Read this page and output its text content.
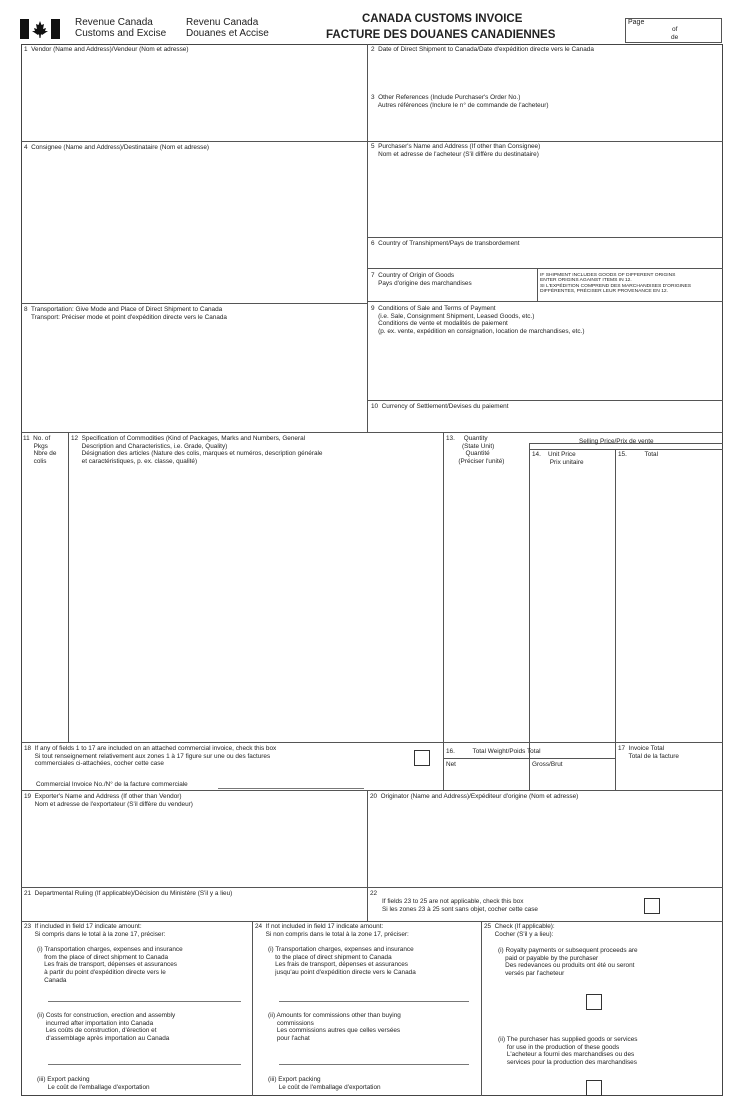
Revenue Canada
Customs and Excise
Revenu Canada
Douanes et Accise
CANADA CUSTOMS INVOICE
FACTURE DES DOUANES CANADIENNES
Page
of
de
1  Vendor (Name and Address)/Vendeur (Nom et adresse)	2  Date of Direct Shipment to Canada/Date d'expédition directe vers le Canada
3  Other References (Include Purchaser's Order No.)
Autres références (Inclure le n° de commande de l'acheteur)
4  Consignee (Name and Address)/Destinataire (Nom et adresse)	5  Purchaser's Name and Address (If other than Consignee)
Nom et adresse de l'acheteur (S'il diffère du destinataire)
6  Country of Transhipment/Pays de transbordement
7  Country of Origin of Goods
Pays d'origine des marchandises
IF SHIPMENT INCLUDES GOODS OF DIFFERENT ORIGINS
ENTER ORIGINS AGAINST ITEMS IN 12.
SI L'EXPÉDITION COMPREND DES MARCHANDISES D'ORIGINES
DIFFÉRENTES, PRÉCISER LEUR PROVENANCE EN 12.
8  Transportation: Give Mode and Place of Direct Shipment to Canada
Transport: Préciser mode et point d'expédition directe vers le Canada
9  Conditions of Sale and Terms of Payment
(i.e. Sale, Consignment Shipment, Leased Goods, etc.)
Conditions de vente et modalités de paiement
(p. ex. vente, expédition en consignation, location de marchandises, etc.)
10  Currency of Settlement/Devises du paiement
11  No. of
Pkgs
Nbre de
colis
12  Specification of Commodities (Kind of Packages, Marks and Numbers, General
Description and Characteristics, i.e. Grade, Quality)
Désignation des articles (Nature des colis, marques et numéros, description générale
et caractéristiques, p. ex. classe, qualité)
13.     Quantity
(State Unit)
Quantité
(Préciser l'unité)
Selling Price/Prix de vente
14.    Unit Price
Prix unitaire
15.          Total
18  If any of fields 1 to 17 are included on an attached commercial invoice, check this box
Si tout renseignement relativement aux zones 1 à 17 figure sur une ou des factures
commerciales ci-attachées, cocher cette case
Commercial Invoice No./N° de la facture commerciale
16.          Total Weight/Poids Total
Net	Gross/Brut
17  Invoice Total
Total de la facture
19  Exporter's Name and Address (If other than Vendor)
Nom et adresse de l'exportateur (S'il diffère du vendeur)
20  Originator (Name and Address)/Expéditeur d'origine (Nom et adresse)
21  Departmental Ruling (If applicable)/Décision du Ministère (S'il y a lieu)	22
If fields 23 to 25 are not applicable, check this box
Si les zones 23 à 25 sont sans objet, cocher cette case
23  If included in field 17 indicate amount:
Si compris dans le total à la zone 17, préciser:
(i) Transportation charges, expenses and insurance
from the place of direct shipment to Canada
Les frais de transport, dépenses et assurances
à partir du point d'expédition directe vers le
Canada
(ii) Costs for construction, erection and assembly
incurred after importation into Canada
Les coûts de construction, d'érection et
d'assemblage après importation au Canada
(iii) Export packing
Le coût de l'emballage d'exportation
24  If not included in field 17 indicate amount:
Si non compris dans le total à la zone 17, préciser:
(i) Transportation charges, expenses and insurance
to the place of direct shipment to Canada
Les frais de transport, dépenses et assurances
jusqu'au point d'expédition directe vers le Canada
(ii) Amounts for commissions other than buying
commissions
Les commissions autres que celles versées
pour l'achat
(iii) Export packing
Le coût de l'emballage d'exportation
25  Check (If applicable):
Cocher (S'il y a lieu):
(i) Royalty payments or subsequent proceeds are
paid or payable by the purchaser
Des redevances ou produits ont été ou seront
versés par l'acheteur
(ii) The purchaser has supplied goods or services
for use in the production of these goods
L'acheteur a fourni des marchandises ou des
services pour la production des marchandises
